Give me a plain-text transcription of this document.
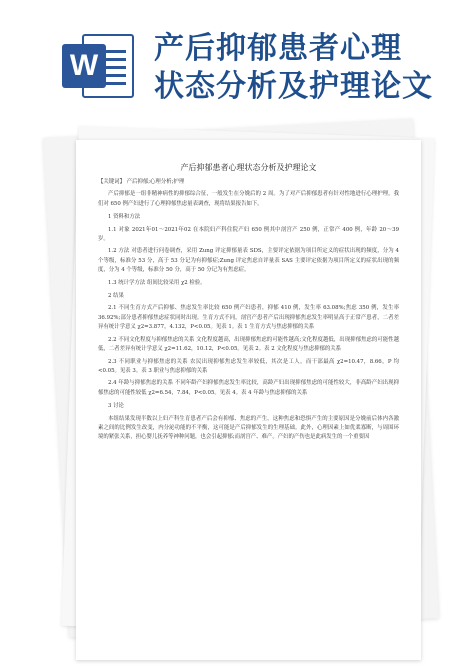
W 产后抑郁患者心理
状态分析及护理论文
产后抑郁患者心理状态分析及护理论文
【关键词】 产后抑郁;心理分析;护理
产后抑郁是一组非精神病性的抑郁综合征，一般发生在分娩后的 2 周。为了对产后抑郁患者有针对性地进行心理护理，我们对 650 例产妇进行了心理抑郁焦虑量表调查，现将结果报告如下。
1 资料和方法
1.1 对象 2021年01～2021年02 在本院妇产科住院产妇 650 例其中剖宫产 250 例，正常产 400 例，年龄 20～39 岁。
1.2 方法 对患者进行问卷调查，采用 Zung 评定抑郁量表 SDS，主要评定依据为项目所定义的症状出现的频度，分为 4 个等级，标准分 53 分，高于 53 分记为有抑郁症;Zung 评定焦虑自评量表 SAS 主要评定依据为项目所定义的症状出现的频度，分为 4 个等级，标准分 50 分，高于 50 分记为有焦虑症。
1.3 统计学方法 组间比较采用 χ2 检验。
2 结果
2.1 不同生育方式产后抑郁、焦虑发生率比较 650 例产妇患者，抑郁 410 例，发生率 63.08%;焦虑 350 例，发生率 36.92%;部分患者抑郁焦虑症状同时出现。生育方式不同，剖宫产患者产后出现抑郁焦虑发生率明显高于正常产患者，二者差异有统计学意义 χ2=3.877，4.132，P<0.05。见表 1。表 1 生育方式与焦虑抑郁的关系
2.2 不同文化程度与抑郁焦虑的关系 文化程度越高，出现抑郁焦虑的可能性越高;文化程度越低，出现抑郁焦虑的可能性越低，二者差异有统计学意义 χ2=11.62，10.12，P<0.05。见表 2。表 2 文化程度与焦虑抑郁的关系
2.3 不同职业与抑郁焦虑的关系 农民出现抑郁焦虑发生率较低，其次是工人，而干部最高 χ2=10.47，8.66，P 均<0.05。见表 3。表 3 职业与焦虑抑郁的关系
2.4 年龄与抑郁焦虑的关系 不同年龄产妇抑郁焦虑发生率比较，高龄产妇出现抑郁焦虑的可能性较大，非高龄产妇出现抑郁焦虑的可能性较低 χ2=6.54，7.84，P<0.05。见表 4。表 4 年龄与焦虑抑郁的关系
3 讨论
本组结果发现半数以上妇产科生育患者产后会有抑郁、焦虑的产生。这种焦虑和恐惧产生的主要原因是分娩前后体内各激素之间的比例发生改变，内分泌功能的不平衡，这可能是产后抑郁发生的生理基础。此外，心理因素上如优柔寡断，与周围环境的紧张关系，担心婴儿抚养等神种问题，也会引起抑郁;而剖宫产、难产。产妇的产伤也是此病发生的一个重要因
